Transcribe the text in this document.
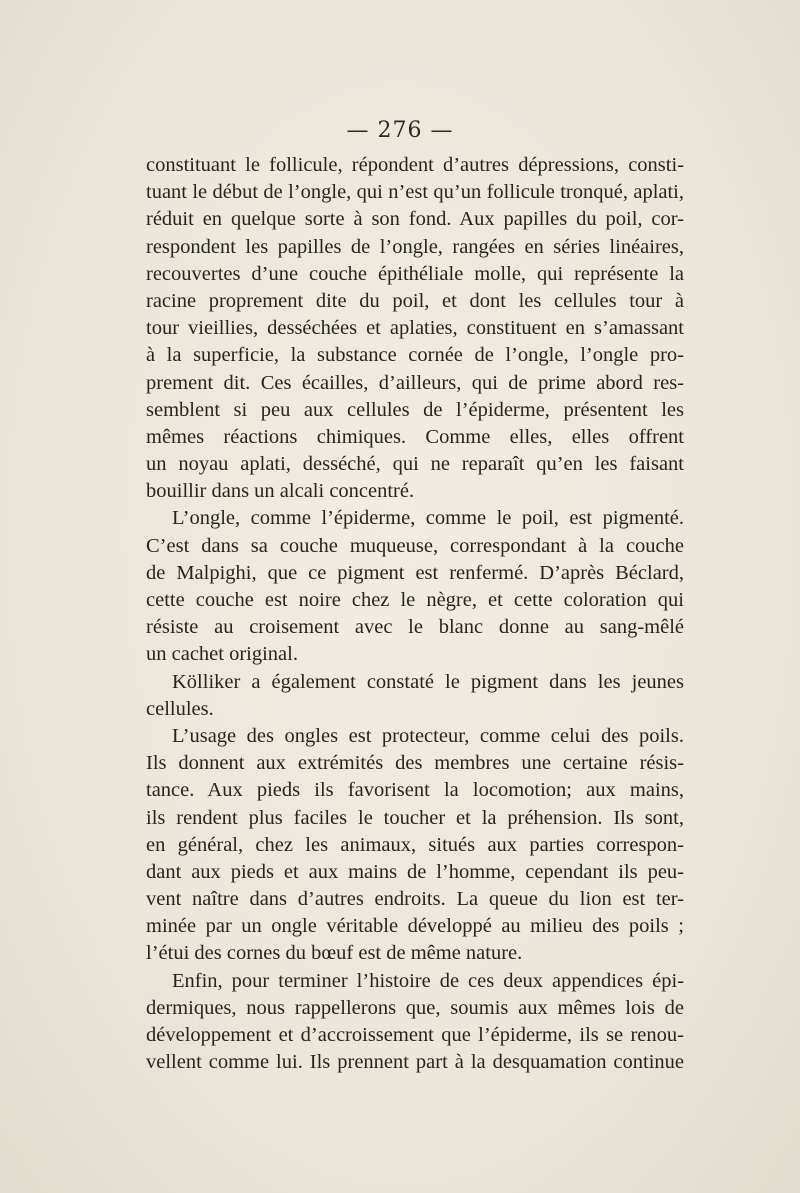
— 276 —
constituant le follicule, répondent d’autres dépressions, consti-
tuant le début de l’ongle, qui n’est qu’un follicule tronqué, aplati,
réduit en quelque sorte à son fond. Aux papilles du poil, cor-
respondent les papilles de l’ongle, rangées en séries linéaires,
recouvertes d’une couche épithéliale molle, qui représente la
racine proprement dite du poil, et dont les cellules tour à
tour vieillies, desséchées et aplaties, constituent en s’amassant
à la superficie, la substance cornée de l’ongle, l’ongle pro-
prement dit. Ces écailles, d’ailleurs, qui de prime abord res-
semblent si peu aux cellules de l’épiderme, présentent les
mêmes réactions chimiques. Comme elles, elles offrent
un noyau aplati, desséché, qui ne reparaît qu’en les faisant
bouillir dans un alcali concentré.
L’ongle, comme l’épiderme, comme le poil, est pigmenté.
C’est dans sa couche muqueuse, correspondant à la couche
de Malpighi, que ce pigment est renfermé. D’après Béclard,
cette couche est noire chez le nègre, et cette coloration qui
résiste au croisement avec le blanc donne au sang-mêlé
un cachet original.
Kölliker a également constaté le pigment dans les jeunes
cellules.
L’usage des ongles est protecteur, comme celui des poils.
Ils donnent aux extrémités des membres une certaine résis-
tance. Aux pieds ils favorisent la locomotion; aux mains,
ils rendent plus faciles le toucher et la préhension. Ils sont,
en général, chez les animaux, situés aux parties correspon-
dant aux pieds et aux mains de l’homme, cependant ils peu-
vent naître dans d’autres endroits. La queue du lion est ter-
minée par un ongle véritable développé au milieu des poils ;
l’étui des cornes du bœuf est de même nature.
Enfin, pour terminer l’histoire de ces deux appendices épi-
dermiques, nous rappellerons que, soumis aux mêmes lois de
développement et d’accroissement que l’épiderme, ils se renou-
vellent comme lui. Ils prennent part à la desquamation continue
